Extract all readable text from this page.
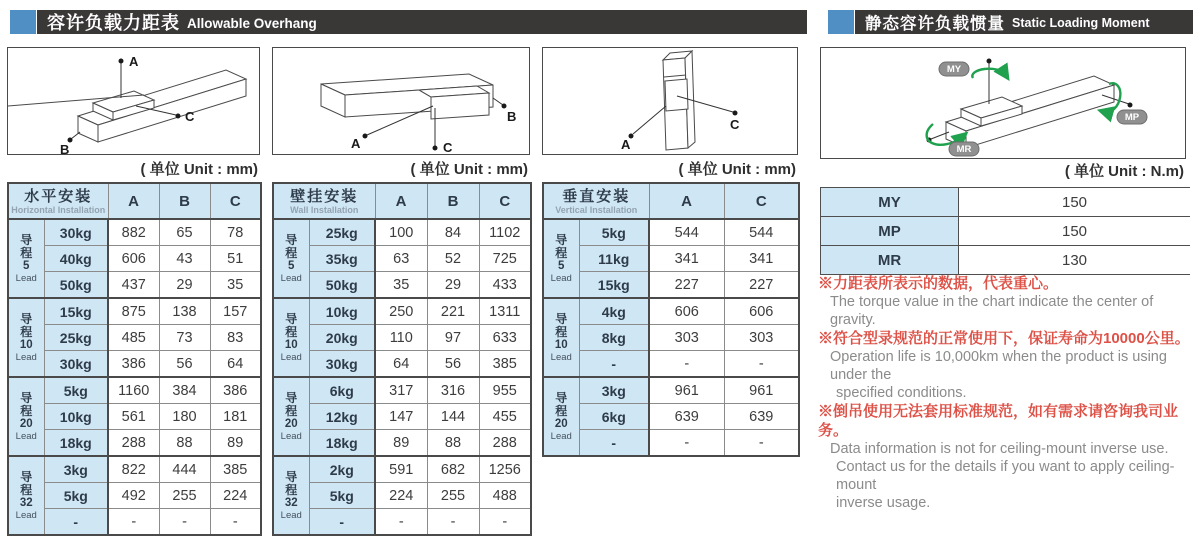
容许负载力距表 Allowable Overhang	静态容许负载惯量 Static Loading Moment
A
B
C
( 单位 Unit : mm)
A
B
C
( 单位 Unit : mm)
A
C
( 单位 Unit : mm)
MY
MP
MR
( 单位 Unit : N.m)
水平安装
Horizontal Installation		A	B	C

导
程
5
Lead	30kg	882	65	78
	40kg	606	43	51
	50kg	437	29	35

导
程
10
Lead	15kg	875	138	157
	25kg	485	73	83
	30kg	386	56	64

导
程
20
Lead	5kg	1160	384	386
	10kg	561	180	181
	18kg	288	88	89

导
程
32
Lead	3kg	822	444	385
	5kg	492	255	224
	-	-	-	-
壁挂安装
Wall Installation		A	B	C

导
程
5
Lead	25kg	100	84	1102
	35kg	63	52	725
	50kg	35	29	433

导
程
10
Lead	10kg	250	221	1311
	20kg	110	97	633
	30kg	64	56	385

导
程
20
Lead	6kg	317	316	955
	12kg	147	144	455
	18kg	89	88	288

导
程
32
Lead	2kg	591	682	1256
	5kg	224	255	488
	-	-	-	-
垂直安装
Vertical Installation		A	C

导
程
5
Lead	5kg	544	544
	11kg	341	341
	15kg	227	227

导
程
10
Lead	4kg	606	606
	8kg	303	303
	-	-	-

导
程
20
Lead	3kg	961	961
	6kg	639	639
	-	-	-
MY	150
MP	150
MR	130
※力距表所表示的数据，代表重心。
The torque value in the chart indicate the center of gravity.
※符合型录规范的正常使用下，保证寿命为10000公里。
Operation life is 10,000km when the product is using under the
specified conditions.
※倒吊使用无法套用标准规范，如有需求请咨询我司业务。
Data information is not for ceiling-mount inverse use.
Contact us for the details if you want to apply ceiling-mount
inverse usage.
